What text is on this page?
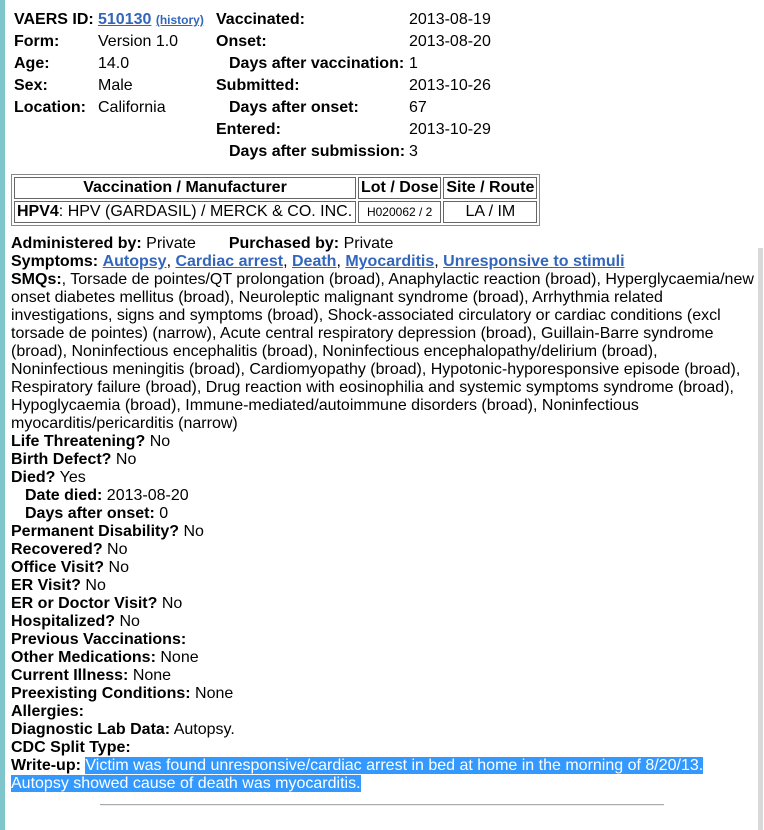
VAERS ID: 510130 (history)
Form: Version 1.0
Age:	14.0
Sex:	Male
Location: California
Vaccinated:	2013-08-19
Onset:	2013-08-20
Days after vaccination: 1
Submitted:	2013-10-26
Days after onset:	67
Entered:	2013-10-29
Days after submission: 3
Vaccination / Manufacturer	Lot / Dose	Site / Route
HPV4: HPV (GARDASIL) / MERCK & CO. INC.	H020062 / 2	LA / IM
Administered by: Private Purchased by: Private
Symptoms: Autopsy, Cardiac arrest, Death, Myocarditis, Unresponsive to stimuli
SMQs:, Torsade de pointes/QT prolongation (broad), Anaphylactic reaction (broad), Hyperglycaemia/new onset diabetes mellitus (broad), Neuroleptic malignant syndrome (broad), Arrhythmia related investigations, signs and symptoms (broad), Shock-associated circulatory or cardiac conditions (excl torsade de pointes) (narrow), Acute central respiratory depression (broad), Guillain-Barre syndrome (broad), Noninfectious encephalitis (broad), Noninfectious encephalopathy/delirium (broad), Noninfectious meningitis (broad), Cardiomyopathy (broad), Hypotonic-hyporesponsive episode (broad), Respiratory failure (broad), Drug reaction with eosinophilia and systemic symptoms syndrome (broad), Hypoglycaemia (broad), Immune-mediated/autoimmune disorders (broad), Noninfectious myocarditis/pericarditis (narrow)
Life Threatening? No
Birth Defect? No
Died? Yes
Date died: 2013-08-20
Days after onset: 0
Permanent Disability? No
Recovered? No
Office Visit? No
ER Visit? No
ER or Doctor Visit? No
Hospitalized? No
Previous Vaccinations:
Other Medications: None
Current Illness: None
Preexisting Conditions: None
Allergies:
Diagnostic Lab Data: Autopsy.
CDC Split Type:
Write-up: Victim was found unresponsive/cardiac arrest in bed at home in the morning of 8/20/13.
Autopsy showed cause of death was myocarditis.
